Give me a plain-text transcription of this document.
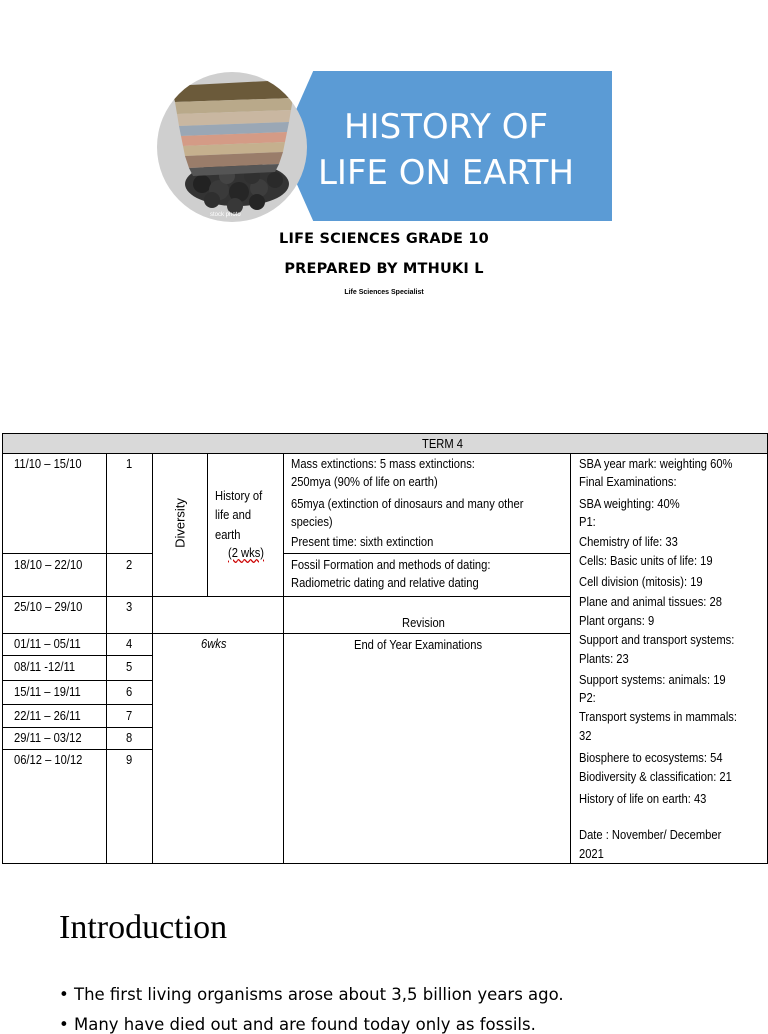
HISTORY OF
LIFE ON EARTH
stock photo
LIFE SCIENCES GRADE 10
PREPARED BY MTHUKI L
Life Sciences Specialist
TERM 4
11/10 – 15/10
18/10 – 22/10
25/10 – 29/10
01/11 – 05/11
08/11 -12/11
15/11 – 19/11
22/11 – 26/11
29/11 – 03/12
06/12 – 10/12
1
2
3
4
5
6
7
8
9
Diversity
History of
life and
earth
(2 wks)
Mass extinctions: 5 mass extinctions:
250mya (90% of life on earth)
65mya (extinction of dinosaurs and many other
species)
Present time: sixth extinction
Fossil Formation and methods of dating:
Radiometric dating and relative dating
Revision
6wks	End of Year Examinations
SBA year mark: weighting 60%
Final Examinations:
SBA weighting: 40%
P1:
Chemistry of life: 33
Cells: Basic units of life: 19
Cell division (mitosis): 19
Plane and animal tissues: 28
Plant organs: 9
Support and transport systems:
Plants: 23
Support systems: animals: 19
P2:
Transport systems in mammals:
32
Biosphere to ecosystems: 54
Biodiversity & classification: 21
History of life on earth: 43
Date : November/ December
2021
Introduction
• The first living organisms arose about 3,5 billion years ago.
• Many have died out and are found today only as fossils.
